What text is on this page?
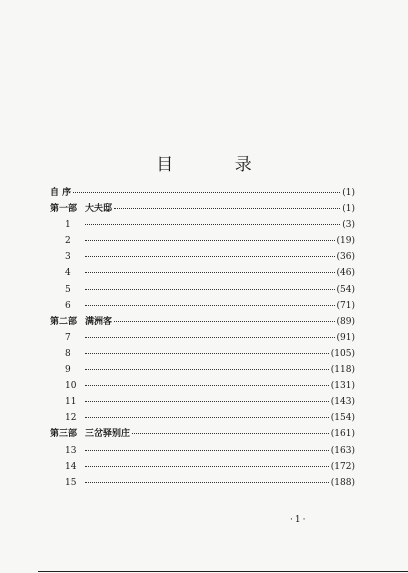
目 录
自 序	(1)
第一部 大夫邸	(1)
1	(3)
2	(19)
3	(36)
4	(46)
5	(54)
6	(71)
第二部 满洲客	(89)
7	(91)
8	(105)
9	(118)
10	(131)
11	(143)
12	(154)
第三部 三岔驿别庄	(161)
13	(163)
14	(172)
15	(188)
·1·
